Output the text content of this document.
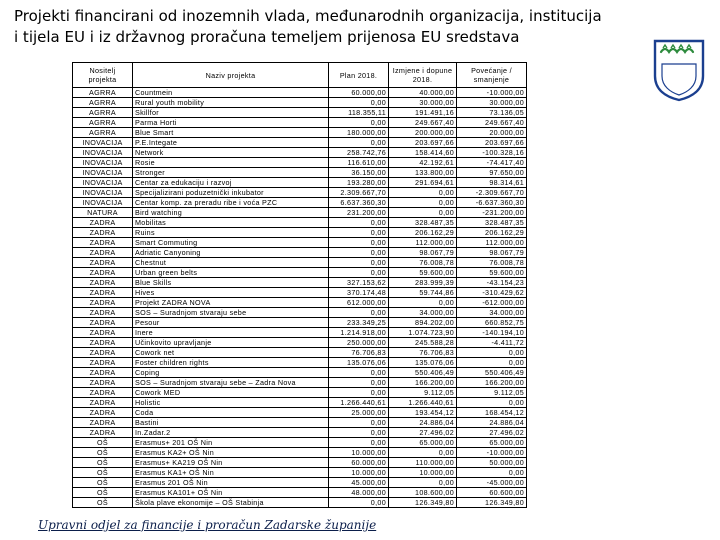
Projekti financirani od inozemnih vlada, međunarodnih organizacija, institucija
i tijela EU i iz državnog proračuna temeljem prijenosa EU sredstava
Nositelj projekta	Naziv projekta	Plan 2018.	Izmjene i dopune 2018.	Povećanje / smanjenje
AGRRA	Countmein	60.000,00	40.000,00	-10.000,00
AGRRA	Rural youth mobility	0,00	30.000,00	30.000,00
AGRRA	Skillfor	118.355,11	191.491,16	73.136,05
AGRRA	Parma Horti	0,00	249.667,40	249.667,40
AGRRA	Blue Smart	180.000,00	200.000,00	20.000,00
INOVACIJA	P.E.Integate	0,00	203.697,66	203.697,66
INOVACIJA	Network	258.742,76	158.414,60	-100.328,16
INOVACIJA	Rosie	116.610,00	42.192,61	-74.417,40
INOVACIJA	Stronger	36.150,00	133.800,00	97.650,00
INOVACIJA	Centar za edukaciju i razvoj	193.280,00	291.694,61	98.314,61
INOVACIJA	Specijalizirani poduzetnički inkubator	2.309.667,70	0,00	-2.309.667,70
INOVACIJA	Centar komp. za preradu ribe i voća PZC	6.637.360,30	0,00	-6.637.360,30
NATURA	Bird watching	231.200,00	0,00	-231.200,00
ZADRA	Mobilitas	0,00	328.487,35	328.487,35
ZADRA	Ruins	0,00	206.162,29	206.162,29
ZADRA	Smart Commuting	0,00	112.000,00	112.000,00
ZADRA	Adriatic Canyoning	0,00	98.067,79	98.067,79
ZADRA	Chestnut	0,00	76.008,78	76.008,78
ZADRA	Urban green belts	0,00	59.600,00	59.600,00
ZADRA	Blue Skills	327.153,62	283.999,39	-43.154,23
ZADRA	Hives	370.174,48	59.744,86	-310.429,62
ZADRA	Projekt ZADRA NOVA	612.000,00	0,00	-612.000,00
ZADRA	SOS – Suradnjom stvaraju sebe	0,00	34.000,00	34.000,00
ZADRA	Pesour	233.349,25	894.202,00	660.852,75
ZADRA	Inere	1.214.918,00	1.074.723,90	-140.194,10
ZADRA	Učinkovito upravljanje	250.000,00	245.588,28	-4.411,72
ZADRA	Cowork net	76.706,83	76.706,83	0,00
ZADRA	Foster children rights	135.076,06	135.076,06	0,00
ZADRA	Coping	0,00	550.406,49	550.406,49
ZADRA	SOS – Suradnjom stvaraju sebe – Zadra Nova	0,00	166.200,00	166.200,00
ZADRA	Cowork MED	0,00	9.112,05	9.112,05
ZADRA	Holistic	1.266.440,61	1.266.440,61	0,00
ZADRA	Coda	25.000,00	193.454,12	168.454,12
ZADRA	Bastini	0,00	24.886,04	24.886,04
ZADRA	In.Zadar.2	0,00	27.496,02	27.496,02
OŠ	Erasmus+ 201 OŠ Nin	0,00	65.000,00	65.000,00
OŠ	Erasmus KA2+ OŠ Nin	10.000,00	0,00	-10.000,00
OŠ	Erasmus+ KA219 OŠ Nin	60.000,00	110.000,00	50.000,00
OŠ	Erasmus KA1+ OŠ Nin	10.000,00	10.000,00	0,00
OŠ	Erasmus 201 OŠ Nin	45.000,00	0,00	-45.000,00
OŠ	Erasmus KA101+ OŠ Nin	48.000,00	108.600,00	60.600,00
OŠ	Škola plave ekonomije – OŠ Stabinja	0,00	126.349,80	126.349,80
Upravni odjel za financije i proračun Zadarske županije
